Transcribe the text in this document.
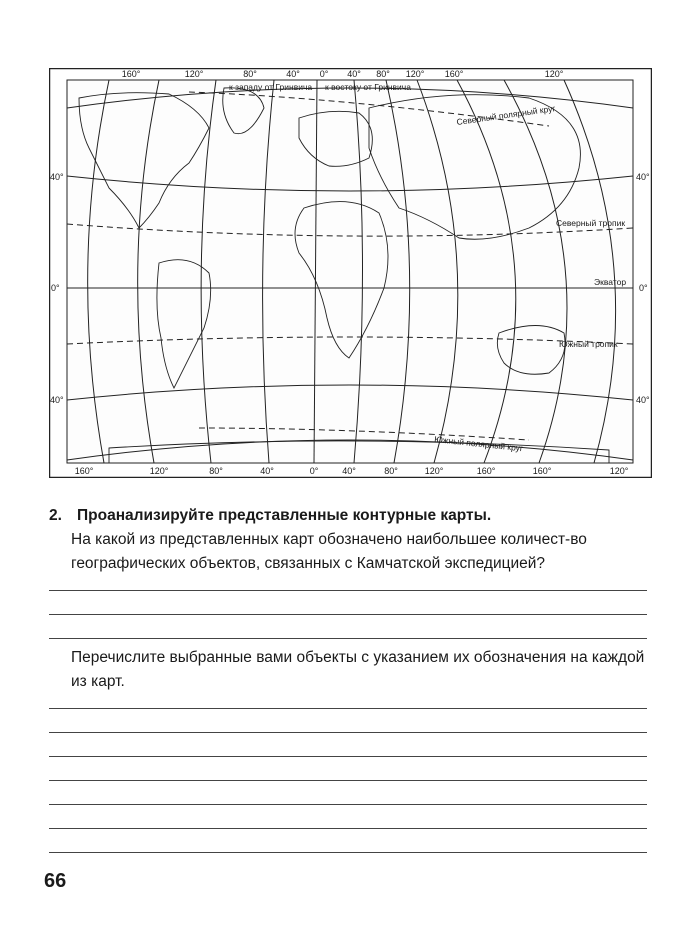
160°	120°	80°	40° 0° 40° 80° 120° 160°	120°
160°	120°	80°	40°	0°	40°	80°	120°	160°	160°	120°
40°
0°
40°
40°
0°
40°
к западу от Гринвича к востоку от Гринвича
Северный полярный круг
Северный тропик
Экватор
Южный тропик
Южный полярный круг

2. Проанализируйте представленные контурные карты.

На какой из представленных карт обозначено наибольшее количест-во географических объектов, связанных с Камчатской экспедицией?

Перечислите выбранные вами объекты с указанием их обозначения на каждой из карт.

66
